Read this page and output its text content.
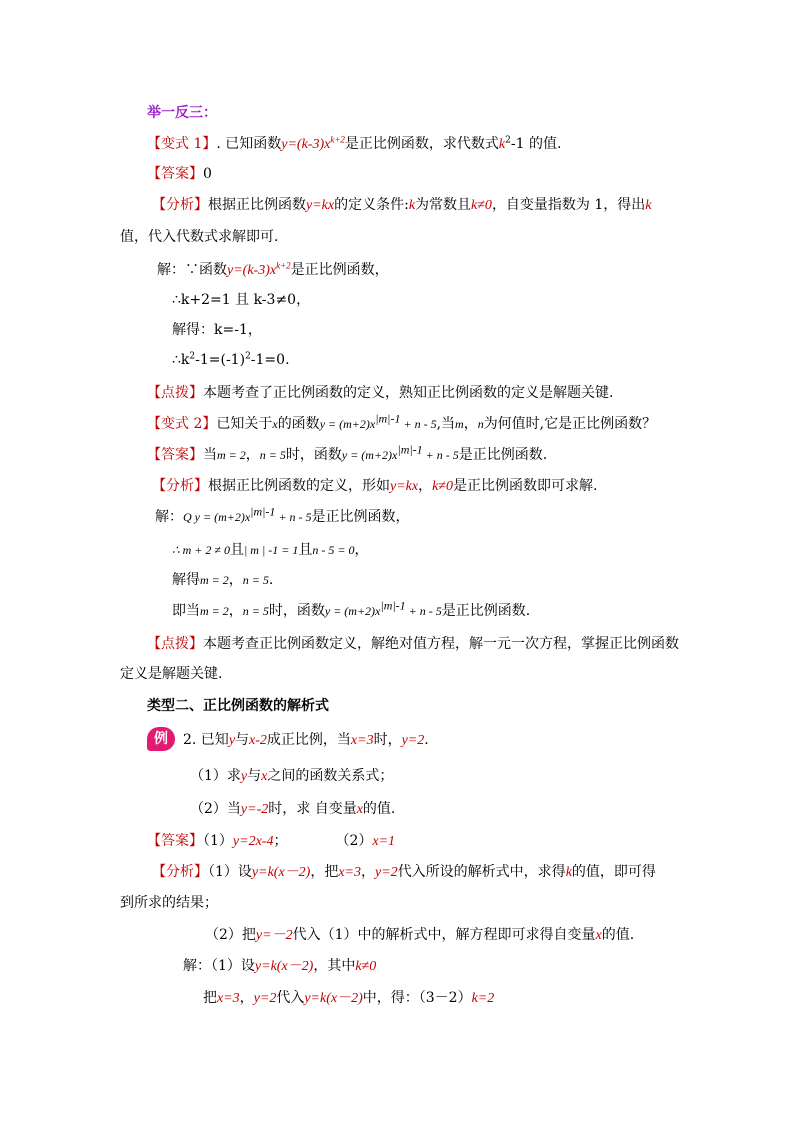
举一反三：
【变式 1】. 已知函数$y=(k-3)x^{k+2}$是正比例函数，求代数式$k^2-1$ 的值.
【答案】0
【分析】根据正比例函数y=kx的定义条件:k为常数且k≠0，自变量指数为 1，得出k
值，代入代数式求解即可.
解：∵函数$y=(k-3)x^{k+2}$是正比例函数，
∴k+2=1 且 k-3≠0，
解得：k=-1，
$\therefore k^2-1=(-1)^2-1=0$.
【点拨】本题考查了正比例函数的定义，熟知正比例函数的定义是解题关键.
【变式 2】已知关于x的函数$y = (m+2)x^{|m|-1} + n - 5$,当m，n为何值时,它是正比例函数？
【答案】当m = 2，n = 5时，函数$y = (m+2)x^{|m|-1} + n - 5$是正比例函数.
【分析】根据正比例函数的定义，形如y=kx，k≠0是正比例函数即可求解.
解：Q $y = (m+2)x^{|m|-1} + n - 5$是正比例函数，
∴ m + 2 ≠ 0且| m | -1 = 1且n - 5 = 0，
解得m = 2，n = 5.
即当m = 2，n = 5时，函数$y = (m+2)x^{|m|-1} + n - 5$是正比例函数.
【点拨】本题考查正比例函数定义，解绝对值方程，解一元一次方程，掌握正比例函数
定义是解题关键.
类型二、正比例函数的解析式
例	2. 已知y与x-2成正比例，当x=3时，y=2.
（1）求y与x之间的函数关系式；
（2）当y=-2时，求 自变量x的值.
【答案】（1）y=2x-4；	（2）x=1
【分析】（1）设y=k(x－2)，把x=3，y=2代入所设的解析式中，求得k的值，即可得
到所求的结果；
（2）把y=－2代入（1）中的解析式中，解方程即可求得自变量x的值.
解：（1）设y=k(x－2)，其中k≠0
把x=3，y=2代入y=k(x－2)中，得：（3－2）k=2
